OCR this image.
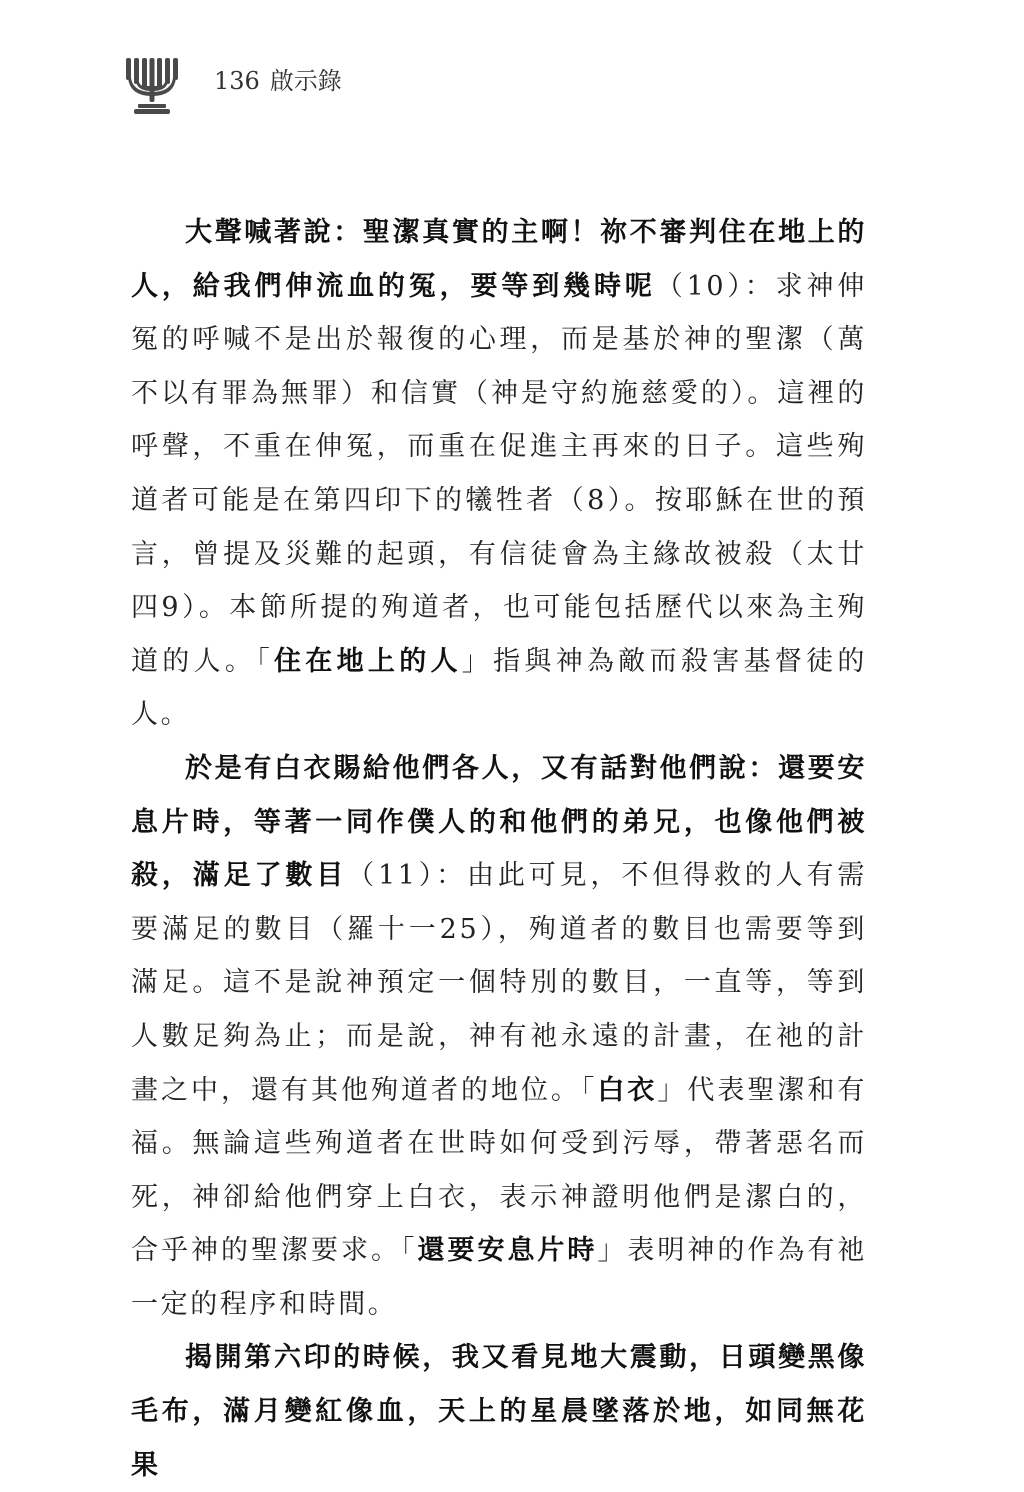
136 啟示錄

大聲喊著說：聖潔真實的主啊！祢不審判住在地上的人，給我們伸流血的冤，要等到幾時呢（10）：求神伸冤的呼喊不是出於報復的心理，而是基於神的聖潔（萬不以有罪為無罪）和信實（神是守約施慈愛的）。這裡的呼聲，不重在伸冤，而重在促進主再來的日子。這些殉道者可能是在第四印下的犧牲者（8）。按耶穌在世的預言，曾提及災難的起頭，有信徒會為主緣故被殺（太廿四9）。本節所提的殉道者，也可能包括歷代以來為主殉道的人。「住在地上的人」指與神為敵而殺害基督徒的人。

於是有白衣賜給他們各人，又有話對他們說：還要安息片時，等著一同作僕人的和他們的弟兄，也像他們被殺，滿足了數目（11）：由此可見，不但得救的人有需要滿足的數目（羅十一25），殉道者的數目也需要等到滿足。這不是說神預定一個特別的數目，一直等，等到人數足夠為止；而是說，神有祂永遠的計畫，在祂的計畫之中，還有其他殉道者的地位。「白衣」代表聖潔和有福。無論這些殉道者在世時如何受到污辱，帶著惡名而死，神卻給他們穿上白衣，表示神證明他們是潔白的，合乎神的聖潔要求。「還要安息片時」表明神的作為有祂一定的程序和時間。

揭開第六印的時候，我又看見地大震動，日頭變黑像毛布，滿月變紅像血，天上的星晨墜落於地，如同無花果
